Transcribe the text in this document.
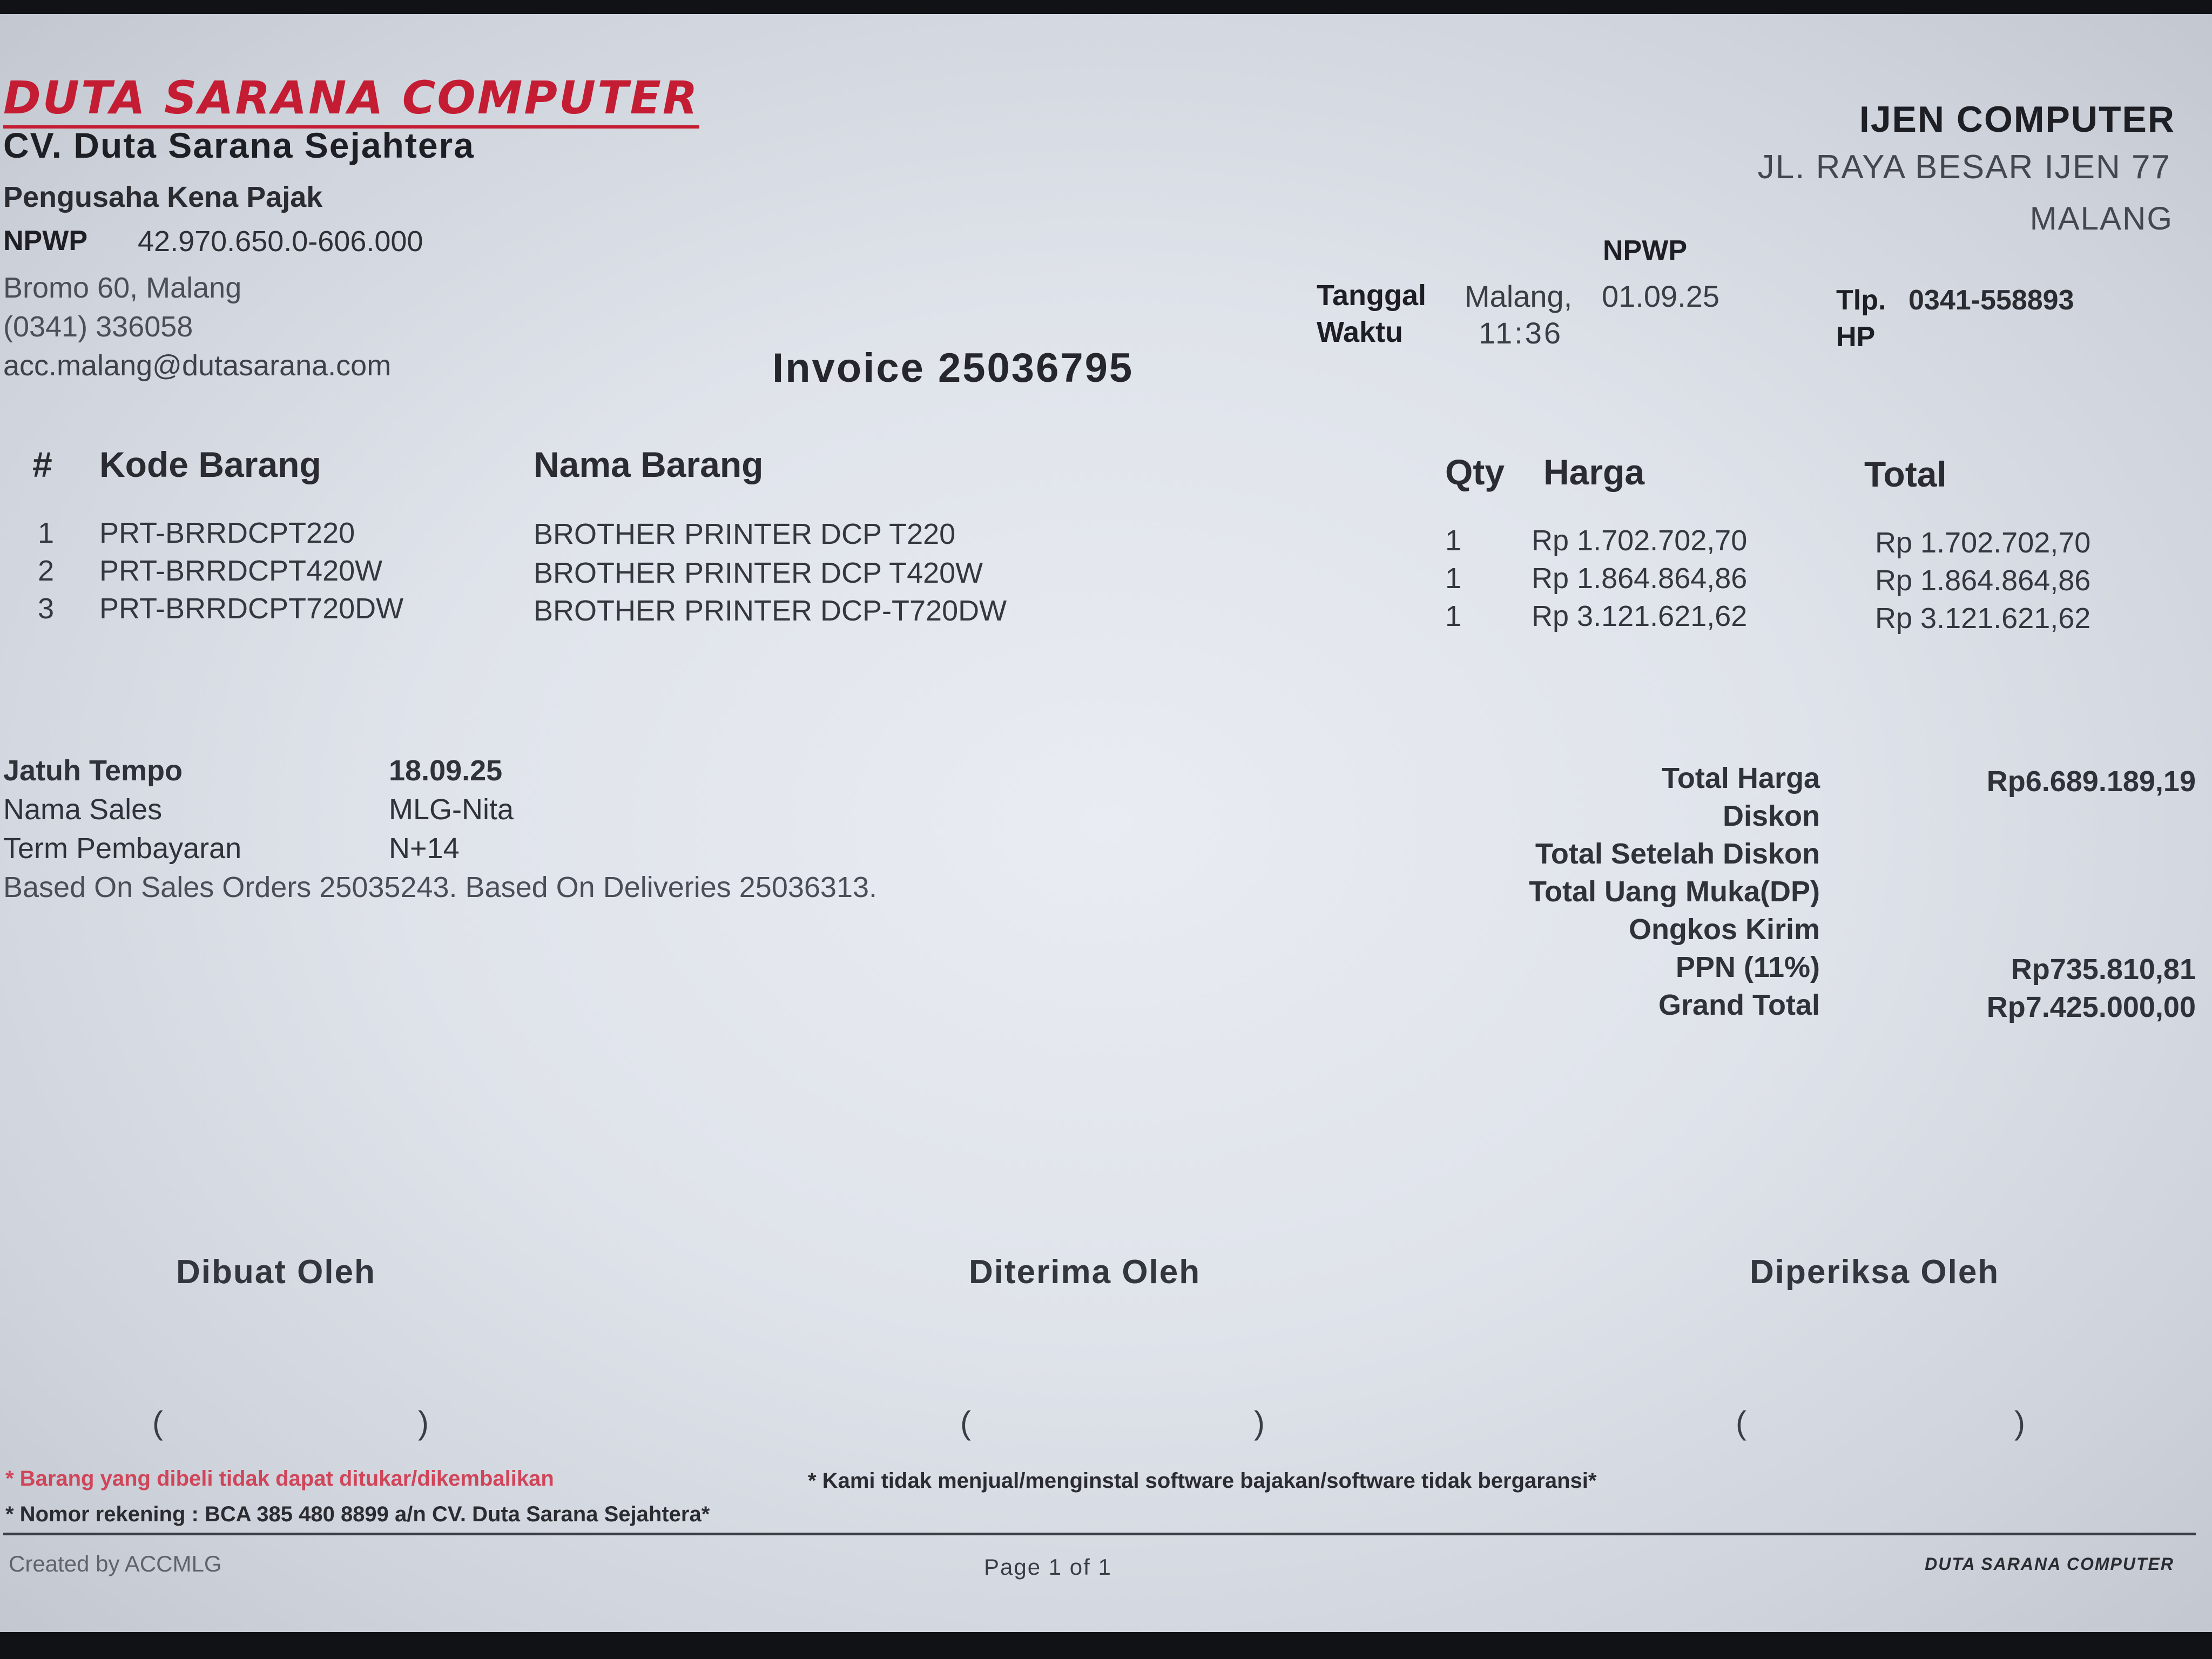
DUTA SARANA COMPUTER
CV. Duta Sarana Sejahtera
Pengusaha Kena Pajak
NPWP 42.970.650.0-606.000
Bromo 60, Malang
(0341) 336058
acc.malang@dutasarana.com	Invoice 25036795
IJEN COMPUTER
JL. RAYA BESAR IJEN 77
MALANG
NPWP
Tanggal Malang, 01.09.25
Waktu	11:36
Tlp. 0341-558893
HP
# Kode Barang	Nama Barang	Qty Harga	Total
1 PRT-BRRDCPT220	BROTHER PRINTER DCP T220	1 Rp 1.702.702,70	Rp 1.702.702,70
2 PRT-BRRDCPT420W	BROTHER PRINTER DCP T420W	1 Rp 1.864.864,86	Rp 1.864.864,86
3 PRT-BRRDCPT720DW	BROTHER PRINTER DCP-T720DW	1 Rp 3.121.621,62	Rp 3.121.621,62
Jatuh Tempo	18.09.25
Nama Sales	MLG-Nita
Term Pembayaran	N+14
Based On Sales Orders 25035243. Based On Deliveries 25036313.
Total Harga	Rp6.689.189,19
Diskon
Total Setelah Diskon
Total Uang Muka(DP)
Ongkos Kirim
PPN (11%)	Rp735.810,81
Grand Total	Rp7.425.000,00
Dibuat Oleh	Diterima Oleh	Diperiksa Oleh
(	)	(	)	(	)
* Barang yang dibeli tidak dapat ditukar/dikembalikan	* Kami tidak menjual/menginstal software bajakan/software tidak bergaransi*
* Nomor rekening : BCA 385 480 8899 a/n CV. Duta Sarana Sejahtera*
Created by ACCMLG	Page 1 of 1	DUTA SARANA COMPUTER
